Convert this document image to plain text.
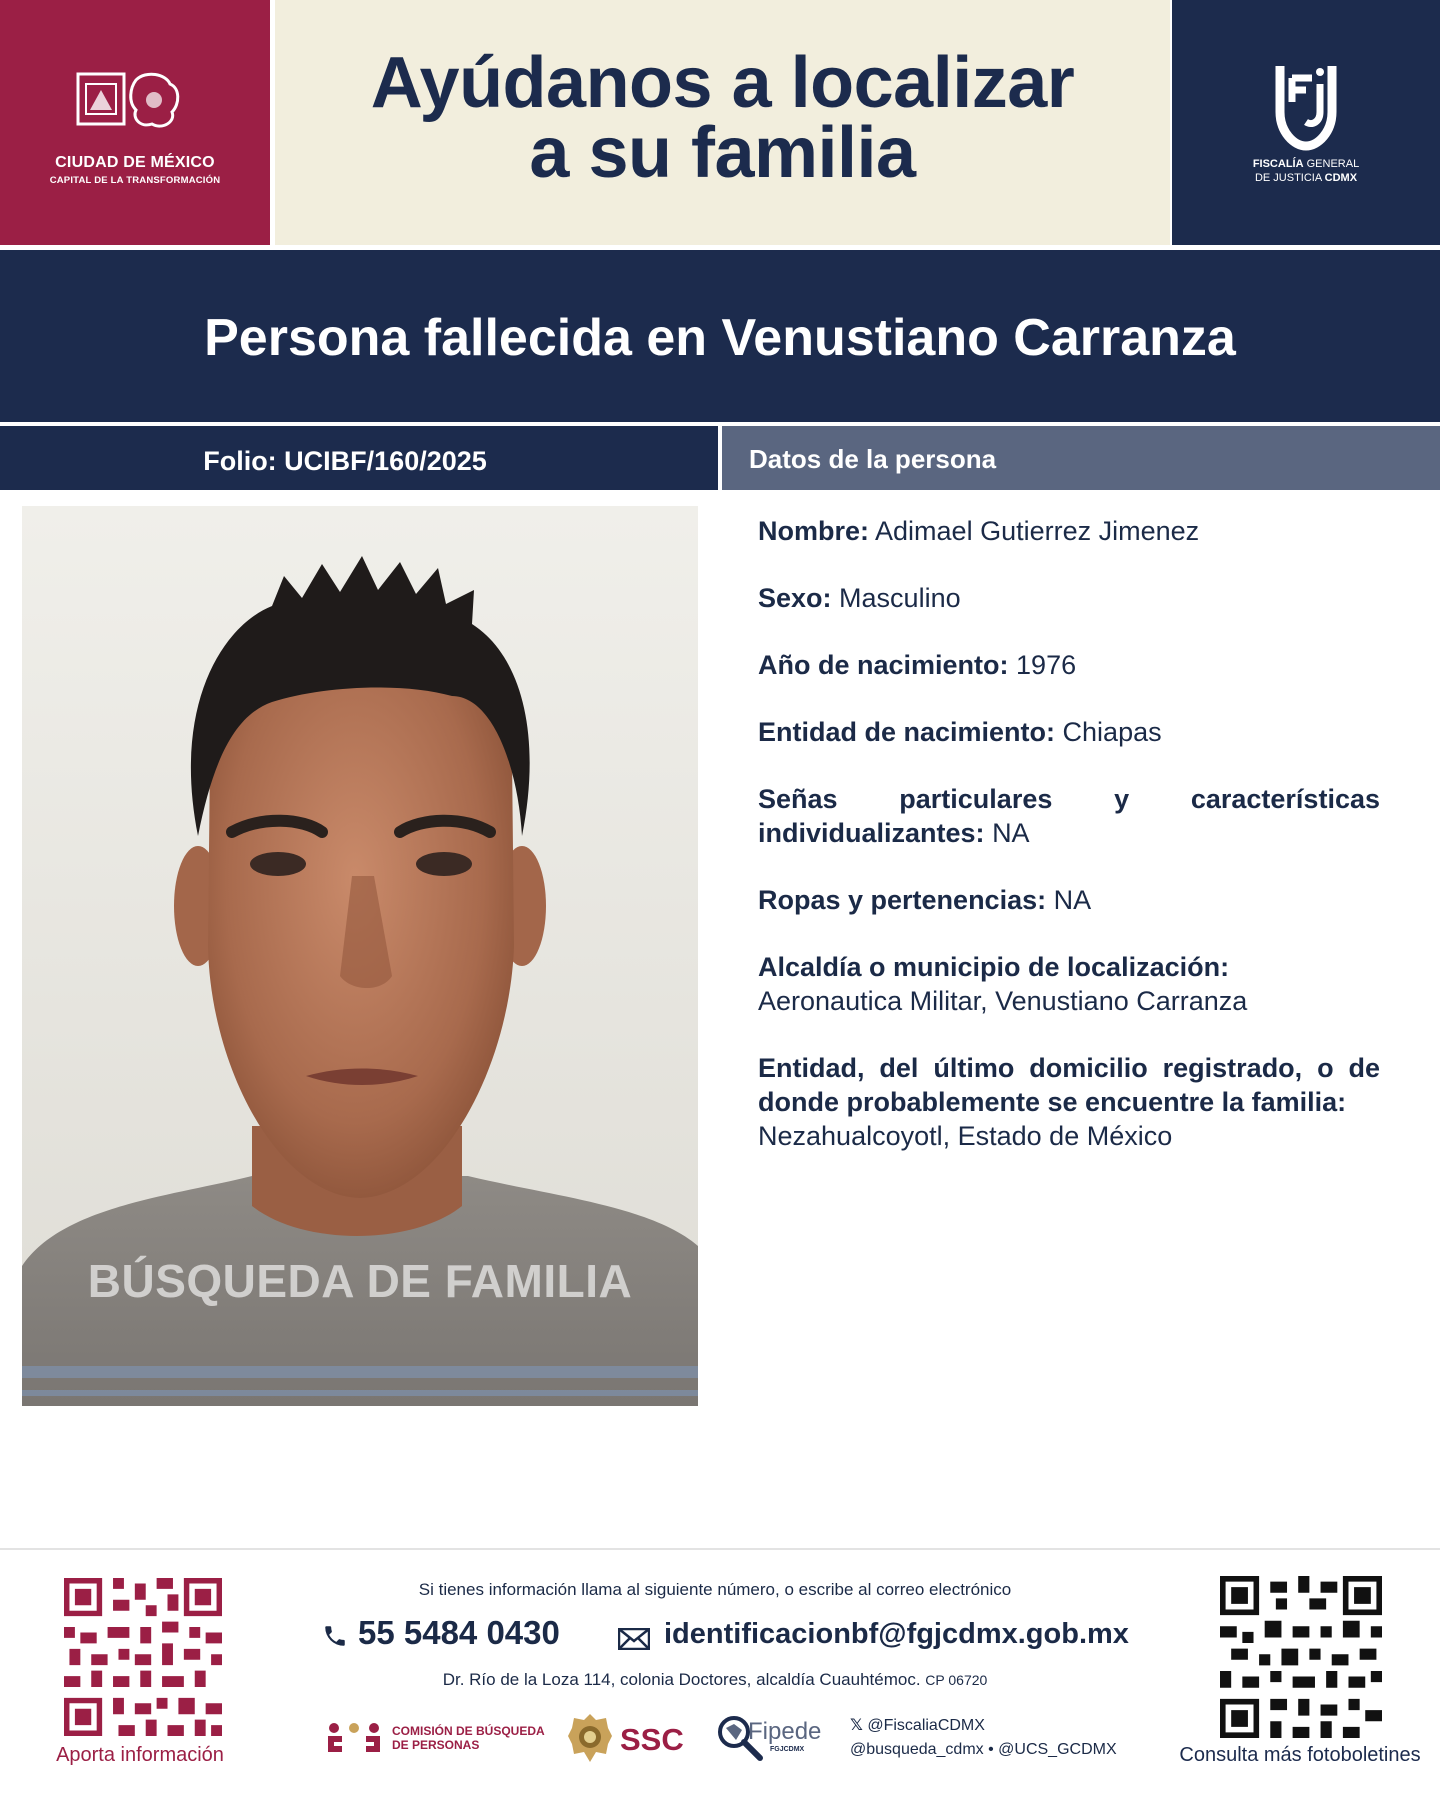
CIUDAD DE MÉXICO
CAPITAL DE LA TRANSFORMACIÓN
Ayúdanos a localizar
a su familia	FISCALÍA GENERAL
DE JUSTICIA CDMX
Persona fallecida en Venustiano Carranza
Folio: UCIBF/160/2025	Datos de la persona
BÚSQUEDA DE FAMILIA
Nombre: Adimael Gutierrez Jimenez
Sexo: Masculino
Año de nacimiento: 1976
Entidad de nacimiento: Chiapas
Señas particulares y características individualizantes: NA
Ropas y pertenencias: NA
Alcaldía o municipio de localización:
Aeronautica Militar, Venustiano Carranza
Entidad, del último domicilio registrado, o de donde probablemente se encuentre la familia:
Nezahualcoyotl, Estado de México
Aporta información
Si tienes información llama al siguiente número, o escribe al correo electrónico
55 5484 0430	identificacionbf@fgjcdmx.gob.mx
Dr. Río de la Loza 114, colonia Doctores, alcaldía Cuauhtémoc. CP 06720
COMISIÓN DE BÚSQUEDA
DE PERSONAS	SSC	Fipede
FGJCDMX
𝕏 @FiscaliaCDMX
@busqueda_cdmx • @UCS_GCDMX	Consulta más fotoboletines
